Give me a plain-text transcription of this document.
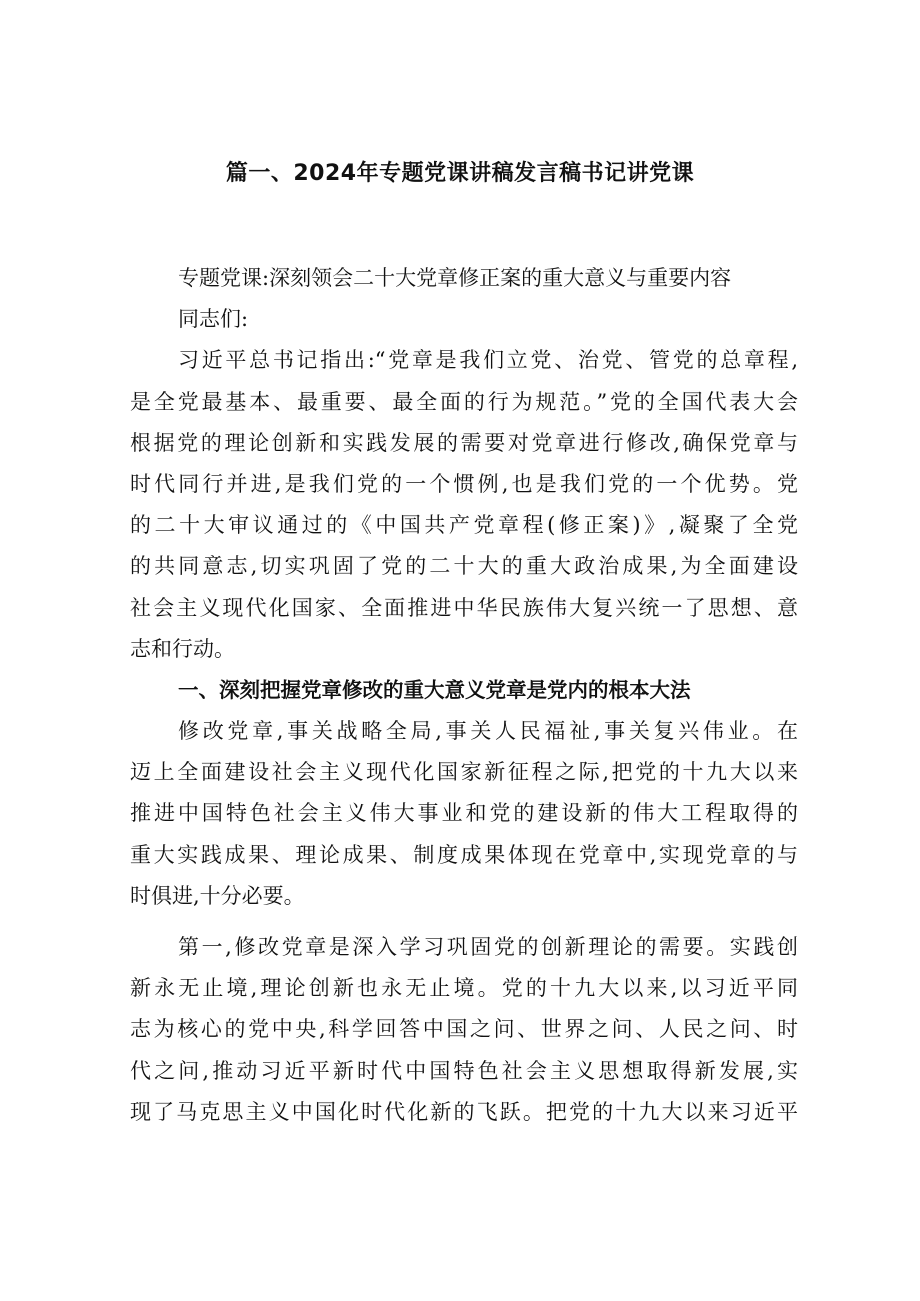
篇一、2024年专题党课讲稿发言稿书记讲党课
专题党课:深刻领会二十大党章修正案的重大意义与重要内容
同志们:
习近平总书记指出:“党章是我们立党、治党、管党的总章程,
是全党最基本、最重要、最全面的行为规范。”党的全国代表大会
根据党的理论创新和实践发展的需要对党章进行修改,确保党章与
时代同行并进,是我们党的一个惯例,也是我们党的一个优势。党
的二十大审议通过的《中国共产党章程(修正案)》,凝聚了全党
的共同意志,切实巩固了党的二十大的重大政治成果,为全面建设
社会主义现代化国家、全面推进中华民族伟大复兴统一了思想、意
志和行动。
一、深刻把握党章修改的重大意义党章是党内的根本大法
修改党章,事关战略全局,事关人民福祉,事关复兴伟业。在
迈上全面建设社会主义现代化国家新征程之际,把党的十九大以来
推进中国特色社会主义伟大事业和党的建设新的伟大工程取得的
重大实践成果、理论成果、制度成果体现在党章中,实现党章的与
时俱进,十分必要。
第一,修改党章是深入学习巩固党的创新理论的需要。实践创
新永无止境,理论创新也永无止境。党的十九大以来,以习近平同
志为核心的党中央,科学回答中国之问、世界之问、人民之问、时
代之问,推动习近平新时代中国特色社会主义思想取得新发展,实
现了马克思主义中国化时代化新的飞跃。把党的十九大以来习近平
